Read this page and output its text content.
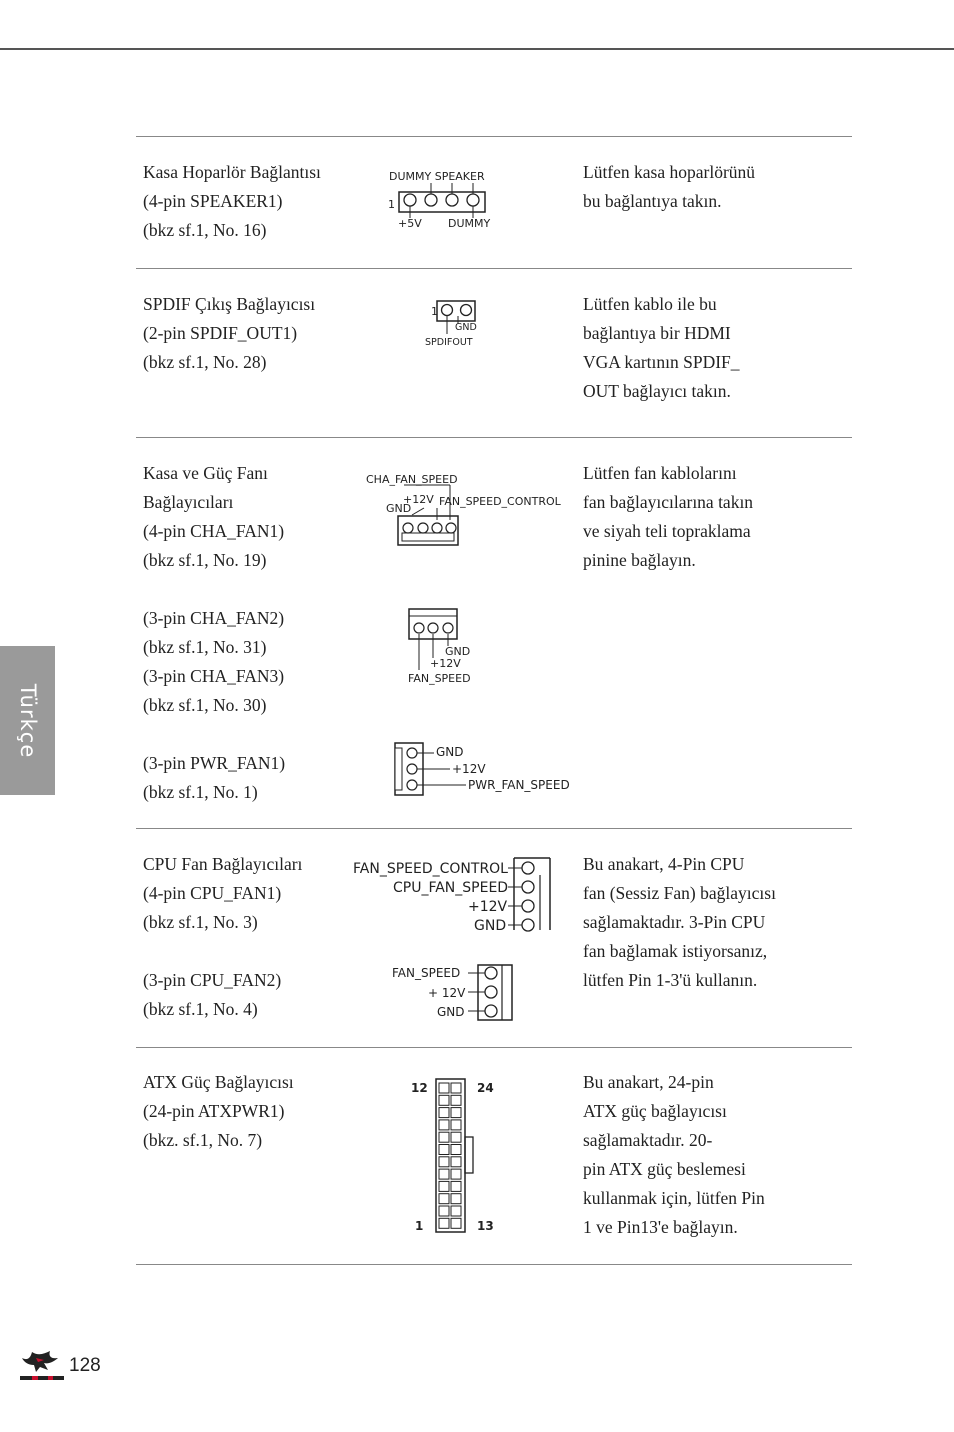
Kasa Hoparlör Bağlantısı
(4-pin SPEAKER1)
(bkz sf.1, No. 16)
Lütfen kasa hoparlörünü
bu bağlantıya takın.
DUMMY SPEAKER
1
+5V DUMMY
SPDIF Çıkış Bağlayıcısı
(2-pin SPDIF_OUT1)
(bkz sf.1, No. 28)
Lütfen kablo ile bu
bağlantıya bir HDMI
VGA kartının SPDIF_
OUT bağlayıcı takın.
1
GND
SPDIFOUT
Kasa ve Güç Fanı
Bağlayıcıları
(4-pin CHA_FAN1)
(bkz sf.1, No. 19)

(3-pin CHA_FAN2)
(bkz sf.1, No. 31)
(3-pin CHA_FAN3)
(bkz sf.1, No. 30)

(3-pin PWR_FAN1)
(bkz sf.1, No. 1)
Lütfen fan kablolarını
fan bağlayıcılarına takın
ve siyah teli topraklama
pinine bağlayın.
CHA_FAN_SPEED
+12V FAN_SPEED_CONTROL
GND
GND
+12V
FAN_SPEED
GND
+12V
PWR_FAN_SPEED
CPU Fan Bağlayıcıları
(4-pin CPU_FAN1)
(bkz sf.1, No. 3)

(3-pin CPU_FAN2)
(bkz sf.1, No. 4)
Bu anakart, 4-Pin CPU
fan (Sessiz Fan) bağlayıcısı
sağlamaktadır. 3-Pin CPU
fan bağlamak istiyorsanız,
lütfen Pin 1-3'ü kullanın.
FAN_SPEED_CONTROL
CPU_FAN_SPEED
+12V
GND
FAN_SPEED
+ 12V
GND
ATX Güç Bağlayıcısı
(24-pin ATXPWR1)
(bkz. sf.1, No. 7)
Bu anakart, 24-pin
ATX güç bağlayıcısı
sağlamaktadır. 20-
pin ATX güç beslemesi
kullanmak için, lütfen Pin
1 ve Pin13'e bağlayın.
12	24
1	13
Türkçe
128
